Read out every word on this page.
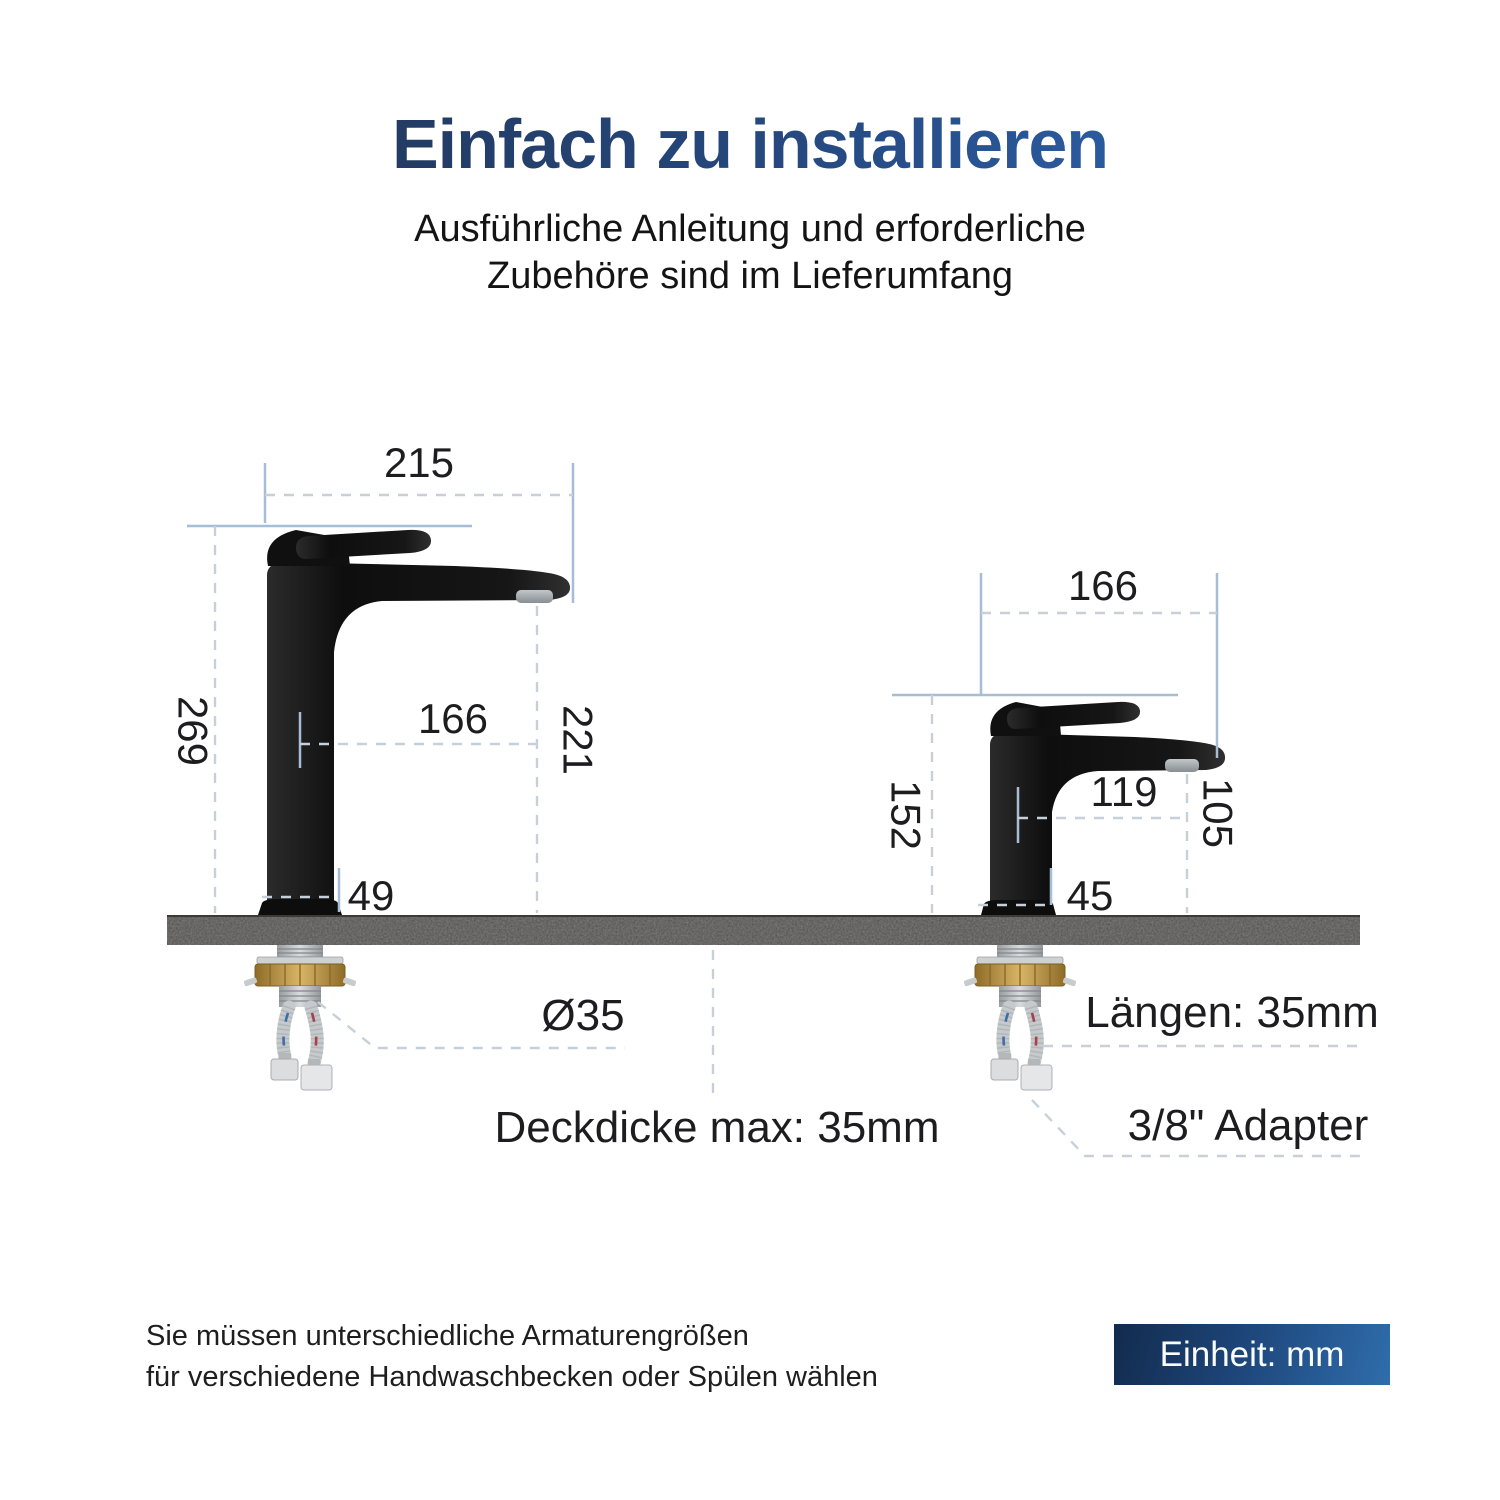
Einfach zu installieren
Ausführliche Anleitung und erforderliche
Zubehöre sind im Lieferumfang
215
269	166 221
49
166
152	119 105
45
Ø35
Deckdicke max: 35mm
Längen: 35mm
3/8" Adapter
Sie müssen unterschiedliche Armaturengrößen
für verschiedene Handwaschbecken oder Spülen wählen
Einheit: mm
